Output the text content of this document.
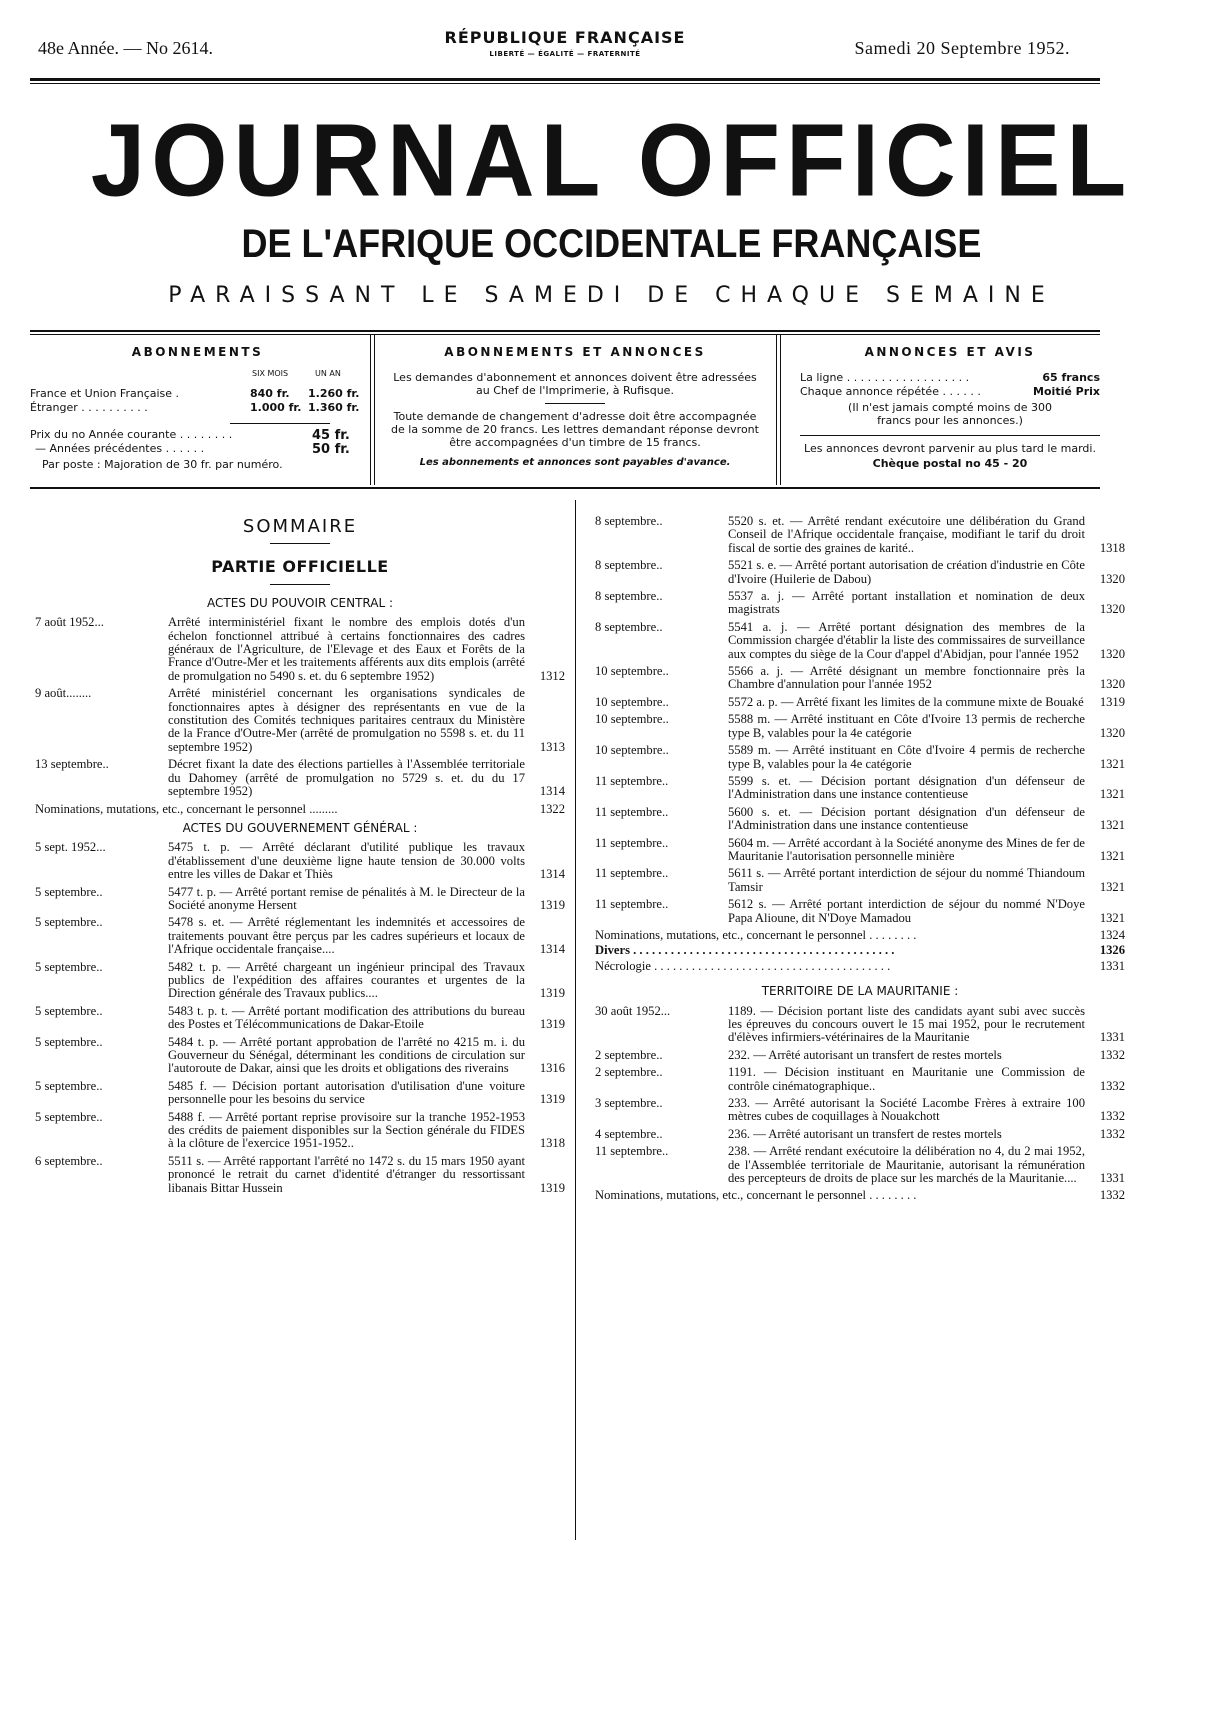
48e Année. — No 2614.
RÉPUBLIQUE FRANÇAISE
LIBERTÉ — ÉGALITÉ — FRATERNITÉ	Samedi 20 Septembre 1952.
JOURNAL OFFICIEL
DE L'AFRIQUE OCCIDENTALE FRANÇAISE
PARAISSANT LE SAMEDI DE CHAQUE SEMAINE
ABONNEMENTS
SIX MOIS	UN AN
France et Union Française .	840 fr. 1.260 fr.
Étranger . . . . . . . . . .	1.000 fr. 1.360 fr.
Prix du no Année courante . . . . . . . .	45 fr.
— Années précédentes . . . . . .	50 fr.
Par poste : Majoration de 30 fr. par numéro.
ABONNEMENTS ET ANNONCES
Les demandes d'abonnement et annonces doivent être adressées au Chef de l'Imprimerie, à Rufisque.
Toute demande de changement d'adresse doit être accompagnée de la somme de 20 francs. Les lettres demandant réponse devront être accompagnées d'un timbre de 15 francs.
Les abonnements et annonces sont payables d'avance.
ANNONCES ET AVIS
La ligne . . . . . . . . . . . . . . . . . .	65 francs
Chaque annonce répétée . . . . . .	Moitié Prix
(Il n'est jamais compté moins de 300 francs pour les annonces.)
Les annonces devront parvenir au plus tard le mardi.
Chèque postal no 45 - 20
SOMMAIRE
PARTIE OFFICIELLE
ACTES DU POUVOIR CENTRAL :
7 août 1952...	Arrêté interministériel fixant le nombre des emplois dotés d'un échelon fonctionnel attribué à certains fonctionnaires des cadres généraux de l'Agriculture, de l'Elevage et des Eaux et Forêts de la France d'Outre-Mer et les traitements afférents aux dits emplois (arrêté de promulgation no 5490 s. et. du 6 septembre 1952)	1312
9 août........	Arrêté ministériel concernant les organisations syndicales de fonctionnaires aptes à désigner des représentants en vue de la constitution des Comités techniques paritaires centraux du Ministère de la France d'Outre-Mer (arrêté de promulgation no 5598 s. et. du 11 septembre 1952)	1313
13 septembre..	Décret fixant la date des élections partielles à l'Assemblée territoriale du Dahomey (arrêté de promulgation no 5729 s. et. du du 17 septembre 1952)	1314
Nominations, mutations, etc., concernant le personnel .........	1322
ACTES DU GOUVERNEMENT GÉNÉRAL :
5 sept. 1952...	5475 t. p. — Arrêté déclarant d'utilité publique les travaux d'établissement d'une deuxième ligne haute tension de 30.000 volts entre les villes de Dakar et Thiès	1314
5 septembre..	5477 t. p. — Arrêté portant remise de pénalités à M. le Directeur de la Société anonyme Hersent	1319
5 septembre..	5478 s. et. — Arrêté réglementant les indemnités et accessoires de traitements pouvant être perçus par les cadres supérieurs et locaux de l'Afrique occidentale française....	1314
5 septembre..	5482 t. p. — Arrêté chargeant un ingénieur principal des Travaux publics de l'expédition des affaires courantes et urgentes de la Direction générale des Travaux publics....	1319
5 septembre..	5483 t. p. t. — Arrêté portant modification des attributions du bureau des Postes et Télécommunications de Dakar-Etoile	1319
5 septembre..	5484 t. p. — Arrêté portant approbation de l'arrêté no 4215 m. i. du Gouverneur du Sénégal, déterminant les conditions de circulation sur l'autoroute de Dakar, ainsi que les droits et obligations des riverains	1316
5 septembre..	5485 f. — Décision portant autorisation d'utilisation d'une voiture personnelle pour les besoins du service	1319
5 septembre..	5488 f. — Arrêté portant reprise provisoire sur la tranche 1952-1953 des crédits de paiement disponibles sur la Section générale du FIDES à la clôture de l'exercice 1951-1952..	1318
6 septembre..	5511 s. — Arrêté rapportant l'arrêté no 1472 s. du 15 mars 1950 ayant prononcé le retrait du carnet d'identité d'étranger du ressortissant libanais Bittar Hussein	1319
8 septembre..	5520 s. et. — Arrêté rendant exécutoire une délibération du Grand Conseil de l'Afrique occidentale française, modifiant le tarif du droit fiscal de sortie des graines de karité..	1318
8 septembre..	5521 s. e. — Arrêté portant autorisation de création d'industrie en Côte d'Ivoire (Huilerie de Dabou)	1320
8 septembre..	5537 a. j. — Arrêté portant installation et nomination de deux magistrats	1320
8 septembre..	5541 a. j. — Arrêté portant désignation des membres de la Commission chargée d'établir la liste des commissaires de surveillance aux comptes du siège de la Cour d'appel d'Abidjan, pour l'année 1952	1320
10 septembre..	5566 a. j. — Arrêté désignant un membre fonctionnaire près la Chambre d'annulation pour l'année 1952	1320
10 septembre..	5572 a. p. — Arrêté fixant les limites de la commune mixte de Bouaké 1319
10 septembre..	5588 m. — Arrêté instituant en Côte d'Ivoire 13 permis de recherche type B, valables pour la 4e catégorie	1320
10 septembre..	5589 m. — Arrêté instituant en Côte d'Ivoire 4 permis de recherche type B, valables pour la 4e catégorie	1321
11 septembre..	5599 s. et. — Décision portant désignation d'un défenseur de l'Administration dans une instance contentieuse	1321
11 septembre..	5600 s. et. — Décision portant désignation d'un défenseur de l'Administration dans une instance contentieuse	1321
11 septembre..	5604 m. — Arrêté accordant à la Société anonyme des Mines de fer de Mauritanie l'autorisation personnelle minière	1321
11 septembre..	5611 s. — Arrêté portant interdiction de séjour du nommé Thiandoum Tamsir	1321
11 septembre..	5612 s. — Arrêté portant interdiction de séjour du nommé N'Doye Papa Alioune, dit N'Doye Mamadou	1321
Nominations, mutations, etc., concernant le personnel . . . . . . . .	1324
Divers . . . . . . . . . . . . . . . . . . . . . . . . . . . . . . . . . . . . . . . . . .	1326
Nécrologie . . . . . . . . . . . . . . . . . . . . . . . . . . . . . . . . . . . . . .	1331
TERRITOIRE DE LA MAURITANIE :
30 août 1952...	1189. — Décision portant liste des candidats ayant subi avec succès les épreuves du concours ouvert le 15 mai 1952, pour le recrutement d'élèves infirmiers-vétérinaires de la Mauritanie	1331
2 septembre..	232. — Arrêté autorisant un transfert de restes mortels	1332
2 septembre..	1191. — Décision instituant en Mauritanie une Commission de contrôle cinématographique..	1332
3 septembre..	233. — Arrêté autorisant la Société Lacombe Frères à extraire 100 mètres cubes de coquillages à Nouakchott	1332
4 septembre..	236. — Arrêté autorisant un transfert de restes mortels	1332
11 septembre..	238. — Arrêté rendant exécutoire la délibération no 4, du 2 mai 1952, de l'Assemblée territoriale de Mauritanie, autorisant la rémunération des percepteurs de droits de place sur les marchés de la Mauritanie....	1331
Nominations, mutations, etc., concernant le personnel . . . . . . . .	1332
